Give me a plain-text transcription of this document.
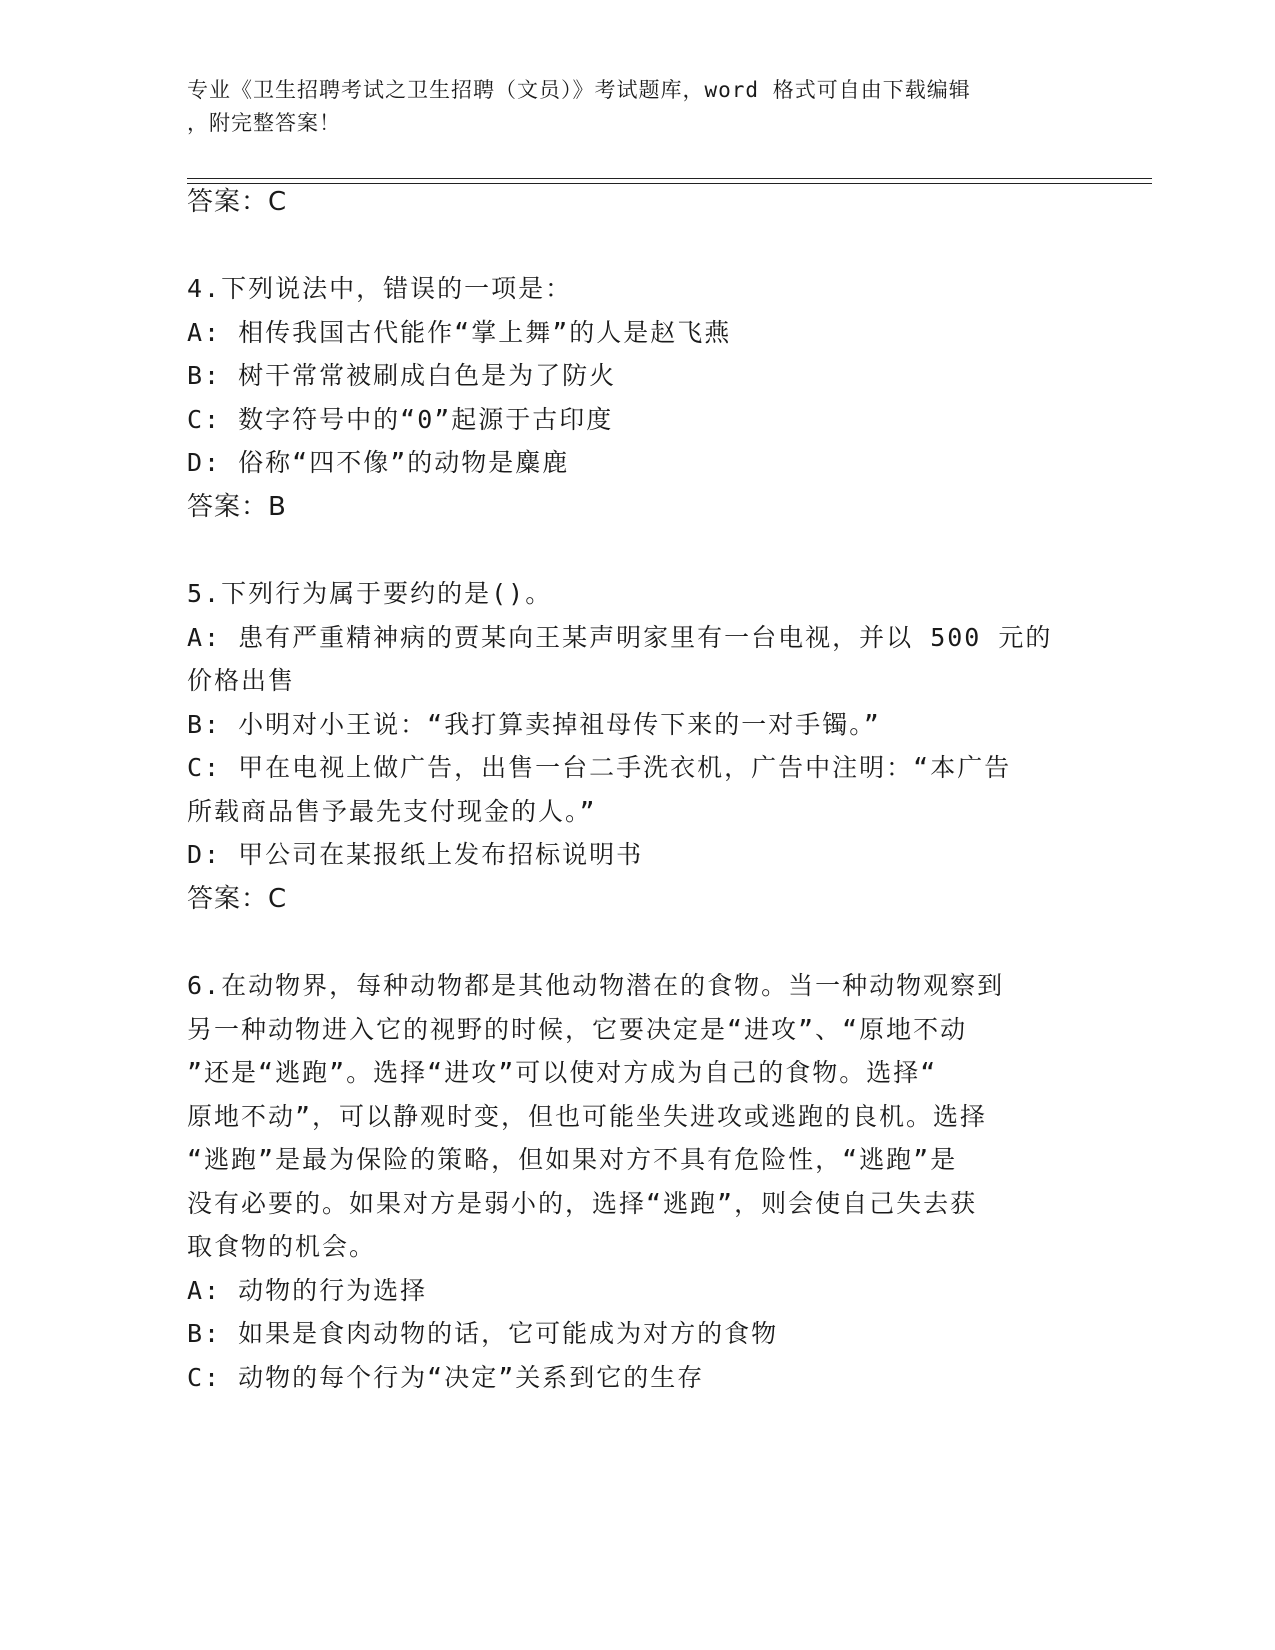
专业《卫生招聘考试之卫生招聘（文员）》考试题库，word 格式可自由下载编辑
，附完整答案！
答案：C
4.下列说法中，错误的一项是：
A: 相传我国古代能作“掌上舞”的人是赵飞燕
B: 树干常常被刷成白色是为了防火
C: 数字符号中的“0”起源于古印度
D: 俗称“四不像”的动物是麋鹿
答案：B
5.下列行为属于要约的是()。
A: 患有严重精神病的贾某向王某声明家里有一台电视，并以 500 元的
价格出售
B: 小明对小王说：“我打算卖掉祖母传下来的一对手镯。”
C: 甲在电视上做广告，出售一台二手洗衣机，广告中注明：“本广告
所载商品售予最先支付现金的人。”
D: 甲公司在某报纸上发布招标说明书
答案：C
6.在动物界，每种动物都是其他动物潜在的食物。当一种动物观察到
另一种动物进入它的视野的时候，它要决定是“进攻”、“原地不动
”还是“逃跑”。选择“进攻”可以使对方成为自己的食物。选择“
原地不动”，可以静观时变，但也可能坐失进攻或逃跑的良机。选择
“逃跑”是最为保险的策略，但如果对方不具有危险性，“逃跑”是
没有必要的。如果对方是弱小的，选择“逃跑”，则会使自己失去获
取食物的机会。
A: 动物的行为选择
B: 如果是食肉动物的话，它可能成为对方的食物
C: 动物的每个行为“决定”关系到它的生存
